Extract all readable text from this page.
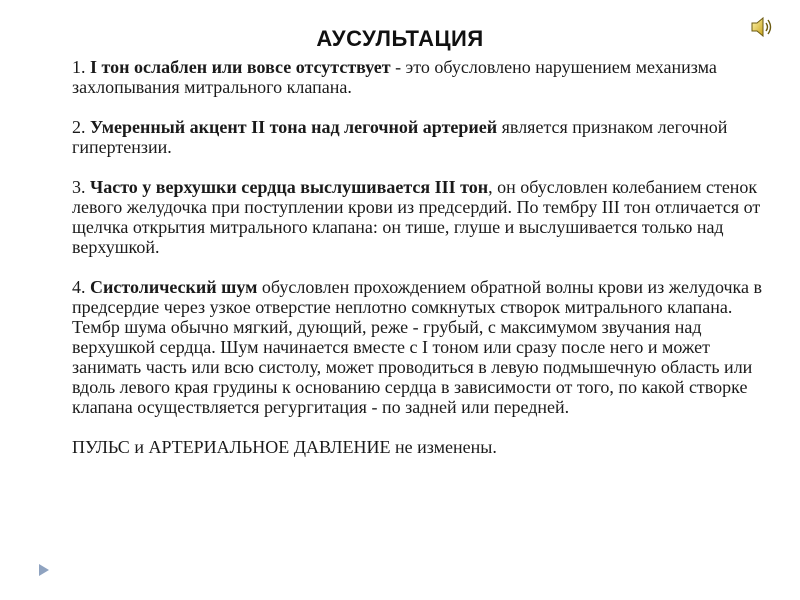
АУСУЛЬТАЦИЯ

1. I тон ослаблен или вовсе отсутствует - это обусловлено нарушением механизма захлопывания митрального клапана.

2. Умеренный акцент II тона над легочной артерией является признаком легочной гипертензии.

3. Часто у верхушки сердца выслушивается III тон, он обусловлен колебанием стенок левого желудочка при поступлении крови из предсердий. По тембру III тон отличается от щелчка открытия митрального клапана: он тише, глуше и выслушивается только над верхушкой.

4. Систолический шум обусловлен прохождением обратной волны крови из желудочка в предсердие через узкое отверстие неплотно сомкнутых створок митрального клапана. Тембр шума обычно мягкий, дующий, реже - грубый, с максимумом звучания над верхушкой сердца. Шум начинается вместе с I тоном или сразу после него и может занимать часть или всю систолу, может проводиться в левую подмышечную область или вдоль левого края грудины к основанию сердца в зависимости от того, по какой створке клапана осуществляется регургитация - по задней или передней.

ПУЛЬС и АРТЕРИАЛЬНОЕ ДАВЛЕНИЕ не изменены.
